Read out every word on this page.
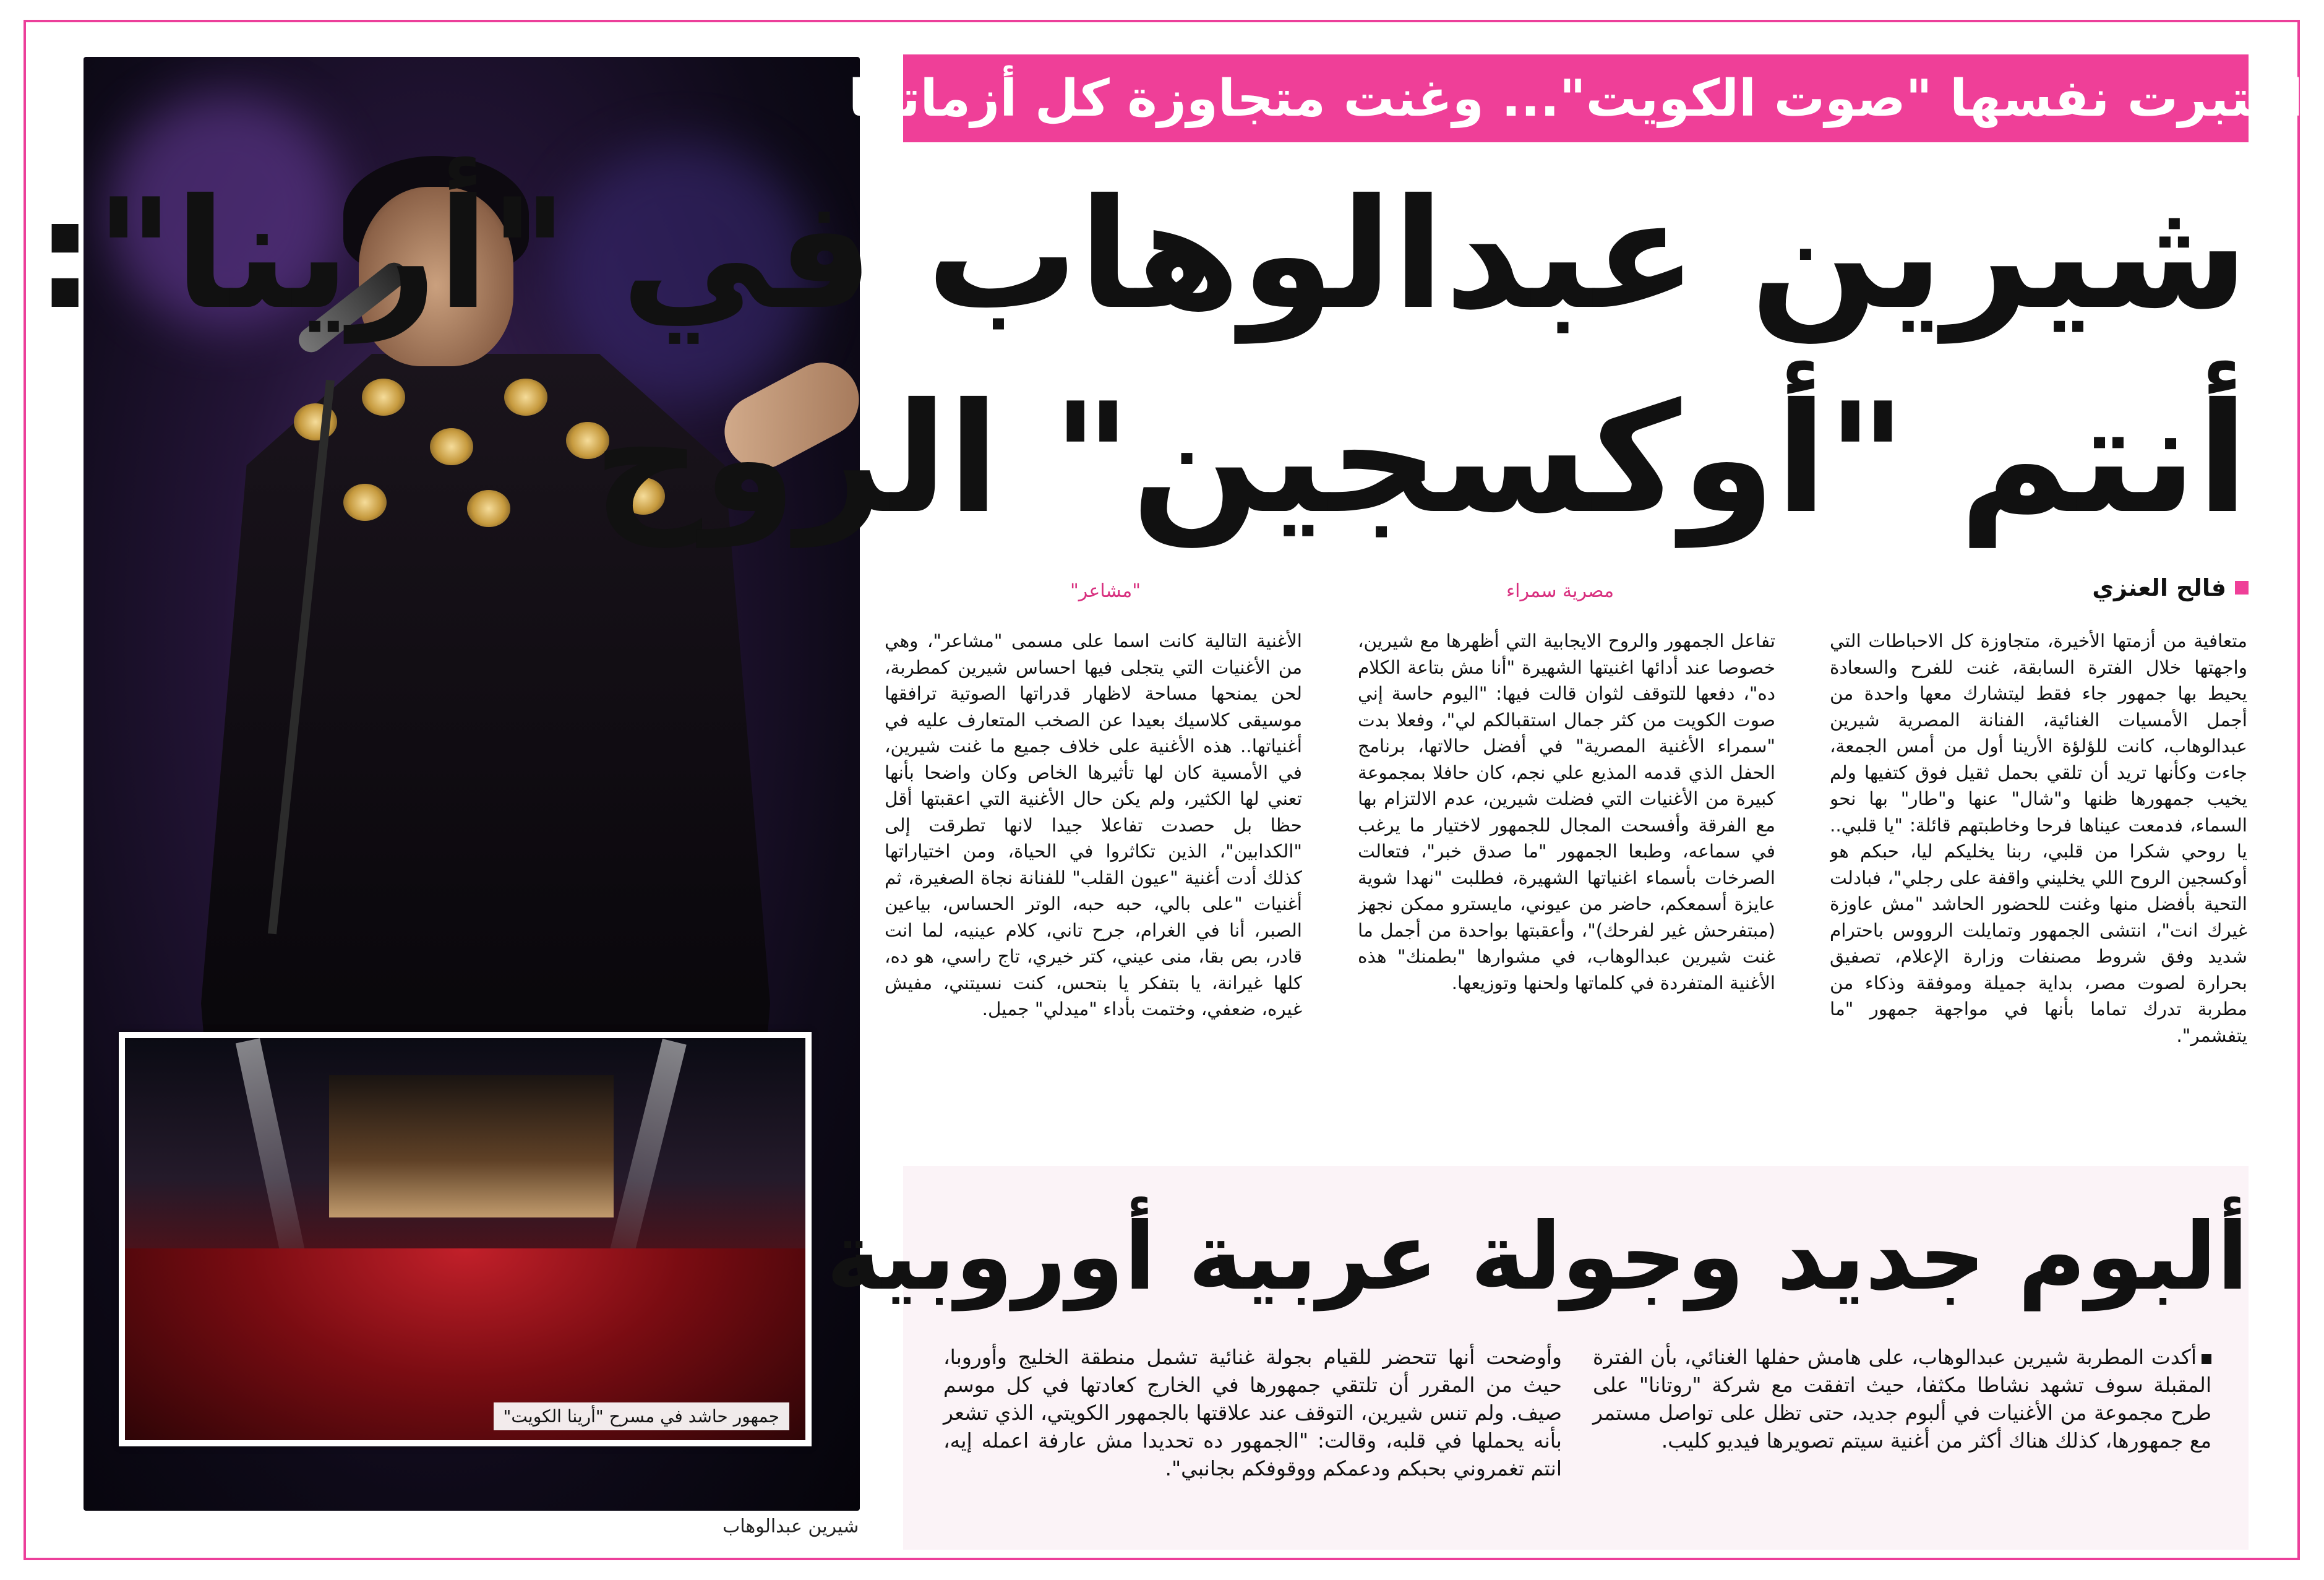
جمهور حاشد في مسرح "أرينا الكويت"
شيرين عبدالوهاب
اعتبرت نفسها "صوت الكويت"... وغنت متجاوزة كل أزماتها
شيرين عبدالوهاب في "أرينا":
أنتم "أوكسجين" الروح
فالح العنزي
مصرية سمراء
"مشاعر"
متعافية من أزمتها الأخيرة، متجاوزة كل الاحباطات التي واجهتها خلال الفترة السابقة، غنت للفرح والسعادة يحيط بها جمهور جاء فقط ليتشارك معها واحدة من أجمل الأمسيات الغنائية، الفنانة المصرية شيرين عبدالوهاب، كانت للؤلؤة الأرينا أول من أمس الجمعة، جاءت وكأنها تريد أن تلقي بحمل ثقيل فوق كتفيها ولم يخيب جمهورها ظنها و"شال" عنها و"طار" بها نحو السماء، فدمعت عيناها فرحا وخاطبتهم قائلة: "يا قلبي.. يا روحي شكرا من قلبي، ربنا يخليكم ليا، حبكم هو أوكسجين الروح اللي يخليني واقفة على رجلي"، فبادلت التحية بأفضل منها وغنت للحضور الحاشد "مش عاوزة غيرك انت"، انتشى الجمهور وتمايلت الرووس باحترام شديد وفق شروط مصنفات وزارة الإعلام، تصفيق بحرارة لصوت مصر، بداية جميلة وموفقة وذكاء من مطربة تدرك تماما بأنها في مواجهة جمهور "ما يتفشمر".
تفاعل الجمهور والروح الايجابية التي أظهرها مع شيرين، خصوصا عند أدائها اغنيتها الشهيرة "أنا مش بتاعة الكلام ده"، دفعها للتوقف لثوان قالت فيها: "اليوم حاسة إني صوت الكويت من كثر جمال استقبالكم لي"، وفعلا بدت "سمراء الأغنية المصرية" في أفضل حالاتها، برنامج الحفل الذي قدمه المذيع علي نجم، كان حافلا بمجموعة كبيرة من الأغنيات التي فضلت شيرين، عدم الالتزام بها مع الفرقة وأفسحت المجال للجمهور لاختيار ما يرغب في سماعه، وطبعا الجمهور "ما صدق خبر"، فتعالت الصرخات بأسماء اغنياتها الشهيرة، فطلبت "نهدا شوية عايزة أسمعكم، حاضر من عيوني، مايسترو ممكن نجهز (مبتفرحش غير لفرحك)"، وأعقبتها بواحدة من أجمل ما غنت شيرين عبدالوهاب، في مشوارها "بطمنك" هذه الأغنية المتفردة في كلماتها ولحنها وتوزيعها.
الأغنية التالية كانت اسما على مسمى "مشاعر"، وهي من الأغنيات التي يتجلى فيها احساس شيرين كمطربة، لحن يمنحها مساحة لاظهار قدراتها الصوتية ترافقها موسيقى كلاسيك بعيدا عن الصخب المتعارف عليه في أغنياتها.. هذه الأغنية على خلاف جميع ما غنت شيرين، في الأمسية كان لها تأثيرها الخاص وكان واضحا بأنها تعني لها الكثير، ولم يكن حال الأغنية التي اعقبتها أقل حظا بل حصدت تفاعلا جيدا لانها تطرقت إلى "الكدابين"، الذين تكاثروا في الحياة، ومن اختياراتها كذلك أدت أغنية "عيون القلب" للفنانة نجاة الصغيرة، ثم أغنيات "على بالي، حبه حبه، الوتر الحساس، بياعين الصبر، أنا في الغرام، جرح تاني، كلام عينيه، لما انت قادر، بص بقا، منى عيني، كتر خيري، تاج راسي، هو ده، كلها غيرانة، يا بتفكر يا بتحس، كنت نسيتني، مفيش غيره، ضعفي، وختمت بأداء "ميدلي" جميل.
ألبوم جديد وجولة عربية أوروبية
أكدت المطربة شيرين عبدالوهاب، على هامش حفلها الغنائي، بأن الفترة المقبلة سوف تشهد نشاطا مكثفا، حيث اتفقت مع شركة "روتانا" على طرح مجموعة من الأغنيات في ألبوم جديد، حتى تظل على تواصل مستمر مع جمهورها، كذلك هناك أكثر من أغنية سيتم تصويرها فيديو كليب.
وأوضحت أنها تتحضر للقيام بجولة غنائية تشمل منطقة الخليج وأوروبا، حيث من المقرر أن تلتقي جمهورها في الخارج كعادتها في كل موسم صيف. ولم تنس شيرين، التوقف عند علاقتها بالجمهور الكويتي، الذي تشعر بأنه يحملها في قلبه، وقالت: "الجمهور ده تحديدا مش عارفة اعمله إيه، انتم تغمروني بحبكم ودعمكم ووقوفكم بجانبي".
